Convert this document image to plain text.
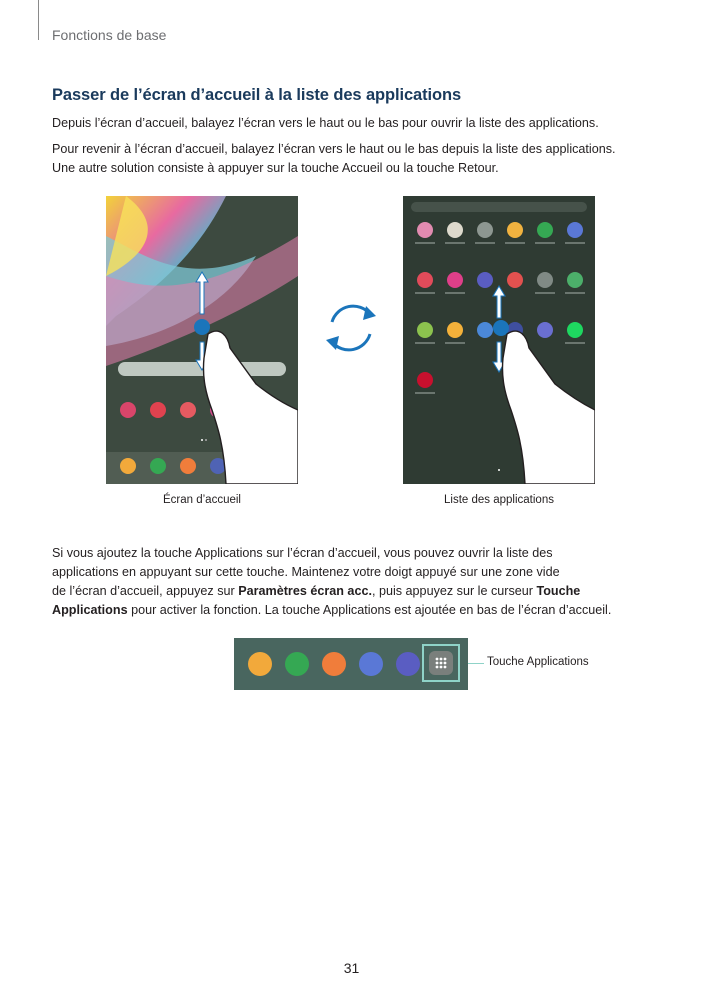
Fonctions de base
Passer de l’écran d’accueil à la liste des applications
Depuis l’écran d’accueil, balayez l’écran vers le haut ou le bas pour ouvrir la liste des applications.
Pour revenir à l’écran d’accueil, balayez l’écran vers le haut ou le bas depuis la liste des applications.
Une autre solution consiste à appuyer sur la touche Accueil ou la touche Retour.
Écran d’accueil	Liste des applications
Si vous ajoutez la touche Applications sur l’écran d’accueil, vous pouvez ouvrir la liste des
applications en appuyant sur cette touche. Maintenez votre doigt appuyé sur une zone vide
de l’écran d’accueil, appuyez sur Paramètres écran acc., puis appuyez sur le curseur Touche
Applications pour activer la fonction. La touche Applications est ajoutée en bas de l’écran d’accueil.
Touche Applications
31
